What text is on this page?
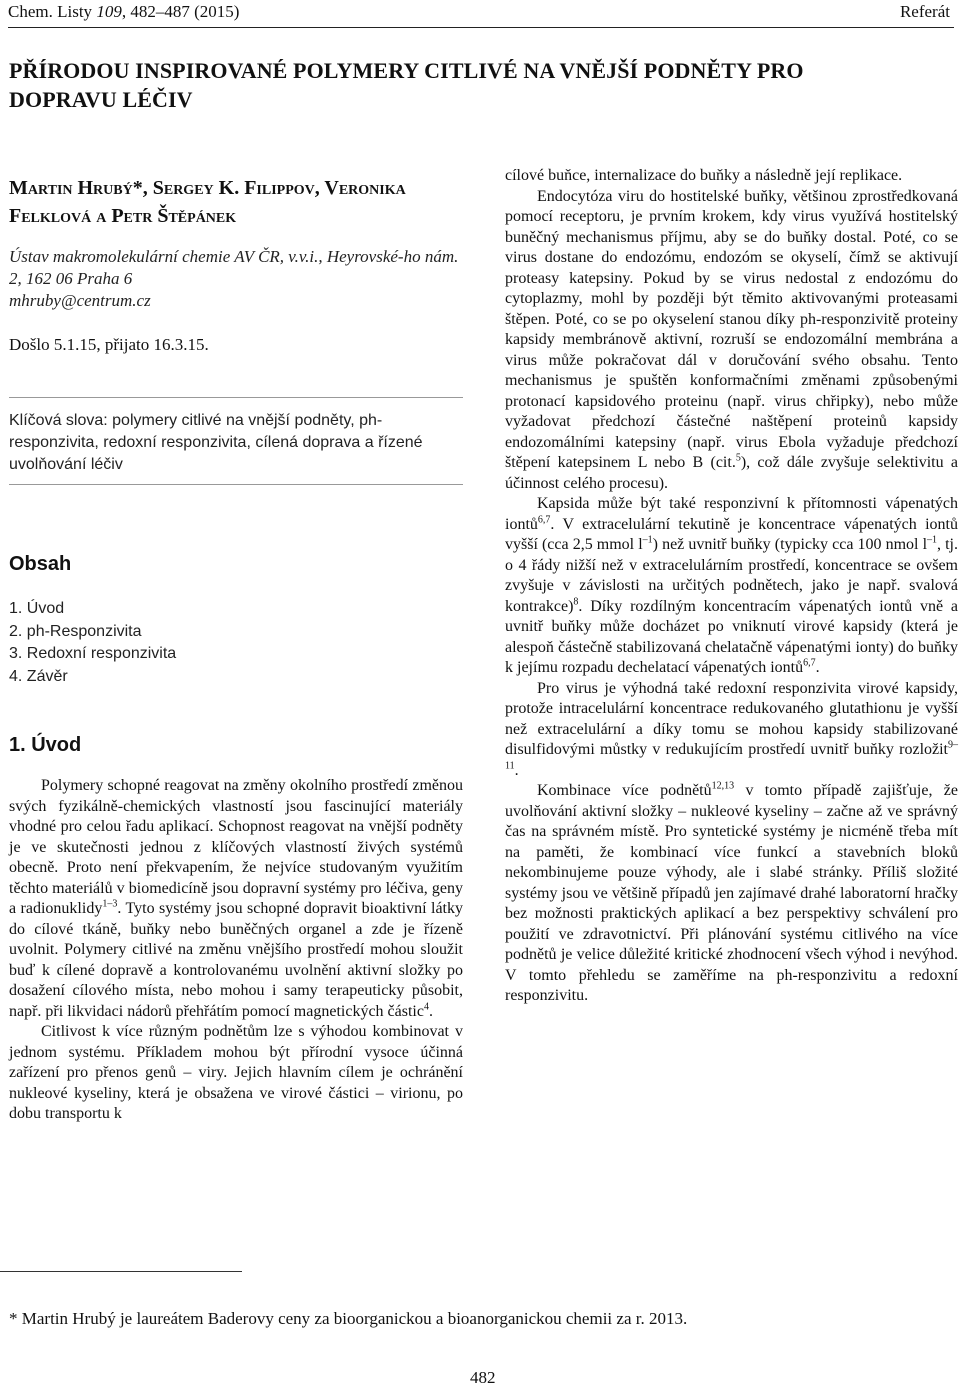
Chem. Listy 109, 482–487 (2015)	Referát
PŘÍRODOU INSPIROVANÉ POLYMERY CITLIVÉ NA VNĚJŠÍ PODNĚTY PRO DOPRAVU LÉČIV
Martin Hrubý*, Sergey K. Filippov, Veronika Felklová a Petr Štěpánek
Ústav makromolekulární chemie AV ČR, v.v.i., Heyrovské-ho nám. 2, 162 06 Praha 6
mhruby@centrum.cz
Došlo 5.1.15, přijato 16.3.15.
Klíčová slova: polymery citlivé na vnější podněty, ph-responzivita, redoxní responzivita, cílená doprava a řízené uvolňování léčiv
Obsah
1. Úvod
2. ph-Responzivita
3. Redoxní responzivita
4. Závěr
1. Úvod

Polymery schopné reagovat na změny okolního prostředí změnou svých fyzikálně-chemických vlastností jsou fascinující materiály vhodné pro celou řadu aplikací. Schopnost reagovat na vnější podněty je ve skutečnosti jednou z klíčových vlastností živých systémů obecně. Proto není překvapením, že nejvíce studovaným využitím těchto materiálů v biomedicíně jsou dopravní systémy pro léčiva, geny a radionuklidy$^{1-3}$. Tyto systémy jsou schopné dopravit bioaktivní látky do cílové tkáně, buňky nebo buněčných organel a zde je řízeně uvolnit. Polymery citlivé na změnu vnějšího prostředí mohou sloužit buď k cílené dopravě a kontrolovanému uvolnění aktivní složky po dosažení cílového místa, nebo mohou i samy terapeuticky působit, např. při likvidaci nádorů přehřátím pomocí magnetických částic$^4$.

Citlivost k více různým podnětům lze s výhodou kombinovat v jednom systému. Příkladem mohou být přírodní vysoce účinná zařízení pro přenos genů – viry. Jejich hlavním cílem je ochránění nukleové kyseliny, která je obsažena ve virové částici – virionu, po dobu transportu k

cílové buňce, internalizace do buňky a následně její replikace.

Endocytóza viru do hostitelské buňky, většinou zprostředkovaná pomocí receptoru, je prvním krokem, kdy virus využívá hostitelský buněčný mechanismus příjmu, aby se do buňky dostal. Poté, co se virus dostane do endozómu, endozóm se okyselí, čímž se aktivují proteasy katepsiny. Pokud by se virus nedostal z endozómu do cytoplazmy, mohl by později být těmito aktivovanými proteasami štěpen. Poté, co se po okyselení stanou díky ph-responzivitě proteiny kapsidy membránově aktivní, rozruší se endozomální membrána a virus může pokračovat dál v doručování svého obsahu. Tento mechanismus je spuštěn konformačními změnami způsobenými protonací kapsidového proteinu (např. virus chřipky), nebo může vyžadovat předchozí částečné naštěpení proteinů kapsidy endozomálními katepsiny (např. virus Ebola vyžaduje předchozí štěpení katepsinem L nebo B (cit.$^5$), což dále zvyšuje selektivitu a účinnost celého procesu).

Kapsida může být také responzivní k přítomnosti vápenatých iontů$^{6,7}$. V extracelulární tekutině je koncentrace vápenatých iontů vyšší (cca 2,5 mmol $l^{-1}$) než uvnitř buňky (typicky cca 100 nmol $l^{-1}$, tj. o 4 řády nižší než v extracelulárním prostředí, koncentrace se ovšem zvyšuje v závislosti na určitých podnětech, jako je např. svalová kontrakce)$^8$. Díky rozdílným koncentracím vápenatých iontů vně a uvnitř buňky může docházet po vniknutí virové kapsidy (která je alespoň částečně stabilizovaná chelatačně vápenatými ionty) do buňky k jejímu rozpadu dechelatací vápenatých iontů$^{6,7}$.

Pro virus je výhodná také redoxní responzivita virové kapsidy, protože intracelulární koncentrace redukovaného glutathionu je vyšší než extracelulární a díky tomu se mohou kapsidy stabilizované disulfidovými můstky v redukujícím prostředí uvnitř buňky rozložit$^{9-11}$.

Kombinace více podnětů$^{12,13}$ v tomto případě zajišťuje, že uvolňování aktivní složky – nukleové kyseliny – začne až ve správný čas na správném místě. Pro syntetické systémy je nicméně třeba mít na paměti, že kombinací více funkcí a stavebních bloků nekombinujeme pouze výhody, ale i slabé stránky. Příliš složité systémy jsou ve většině případů jen zajímavé drahé laboratorní hračky bez možnosti praktických aplikací a bez perspektivy schválení pro použití ve zdravotnictví. Při plánování systému citlivého na více podnětů je velice důležité kritické zhodnocení všech výhod i nevýhod. V tomto přehledu se zaměříme na ph-responzivitu a redoxní responzivitu.

* Martin Hrubý je laureátem Baderovy ceny za bioorganickou a bioanorganickou chemii za r. 2013.
482
